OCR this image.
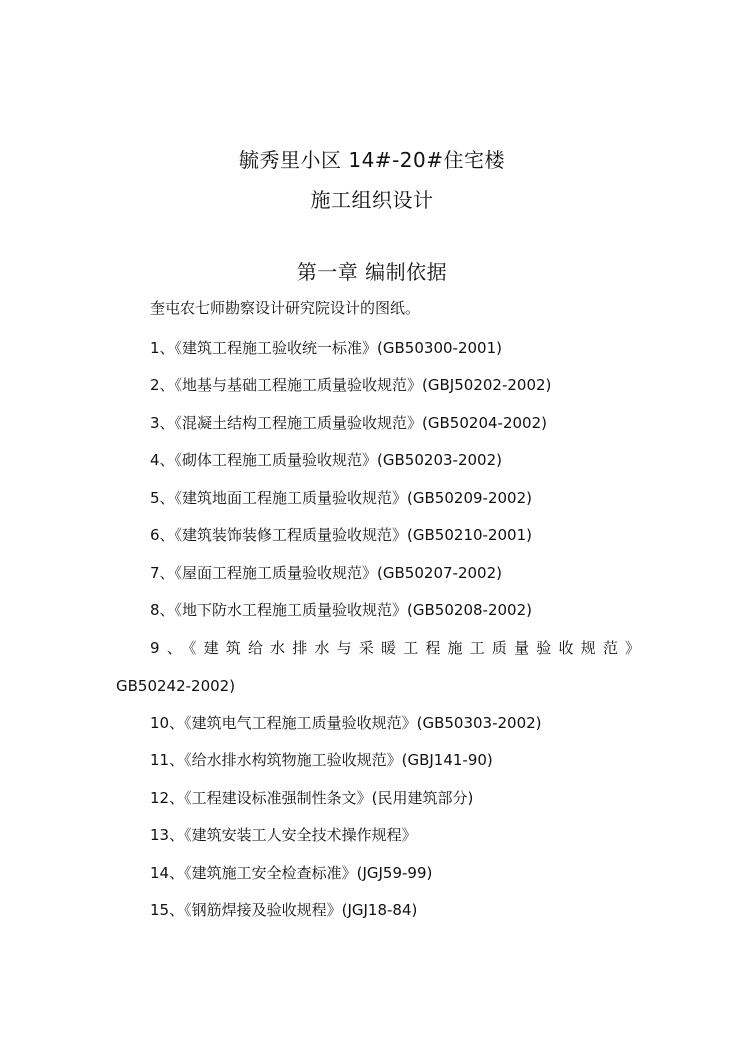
毓秀里小区 14#-20#住宅楼
施工组织设计
第一章 编制依据
奎屯农七师勘察设计研究院设计的图纸。
1、《建筑工程施工验收统一标准》(GB50300-2001)
2、《地基与基础工程施工质量验收规范》(GBJ50202-2002)
3、《混凝土结构工程施工质量验收规范》(GB50204-2002)
4、《砌体工程施工质量验收规范》(GB50203-2002)
5、《建筑地面工程施工质量验收规范》(GB50209-2002)
6、《建筑装饰装修工程质量验收规范》(GB50210-2001)
7、《屋面工程施工质量验收规范》(GB50207-2002)
8、《地下防水工程施工质量验收规范》(GB50208-2002)
9、《建筑给水排水与采暖工程施工质量验收规范》
GB50242-2002)
10、《建筑电气工程施工质量验收规范》(GB50303-2002)
11、《给水排水构筑物施工验收规范》(GBJ141-90)
12、《工程建设标准强制性条文》(民用建筑部分)
13、《建筑安装工人安全技术操作规程》
14、《建筑施工安全检查标准》(JGJ59-99)
15、《钢筋焊接及验收规程》(JGJ18-84)
